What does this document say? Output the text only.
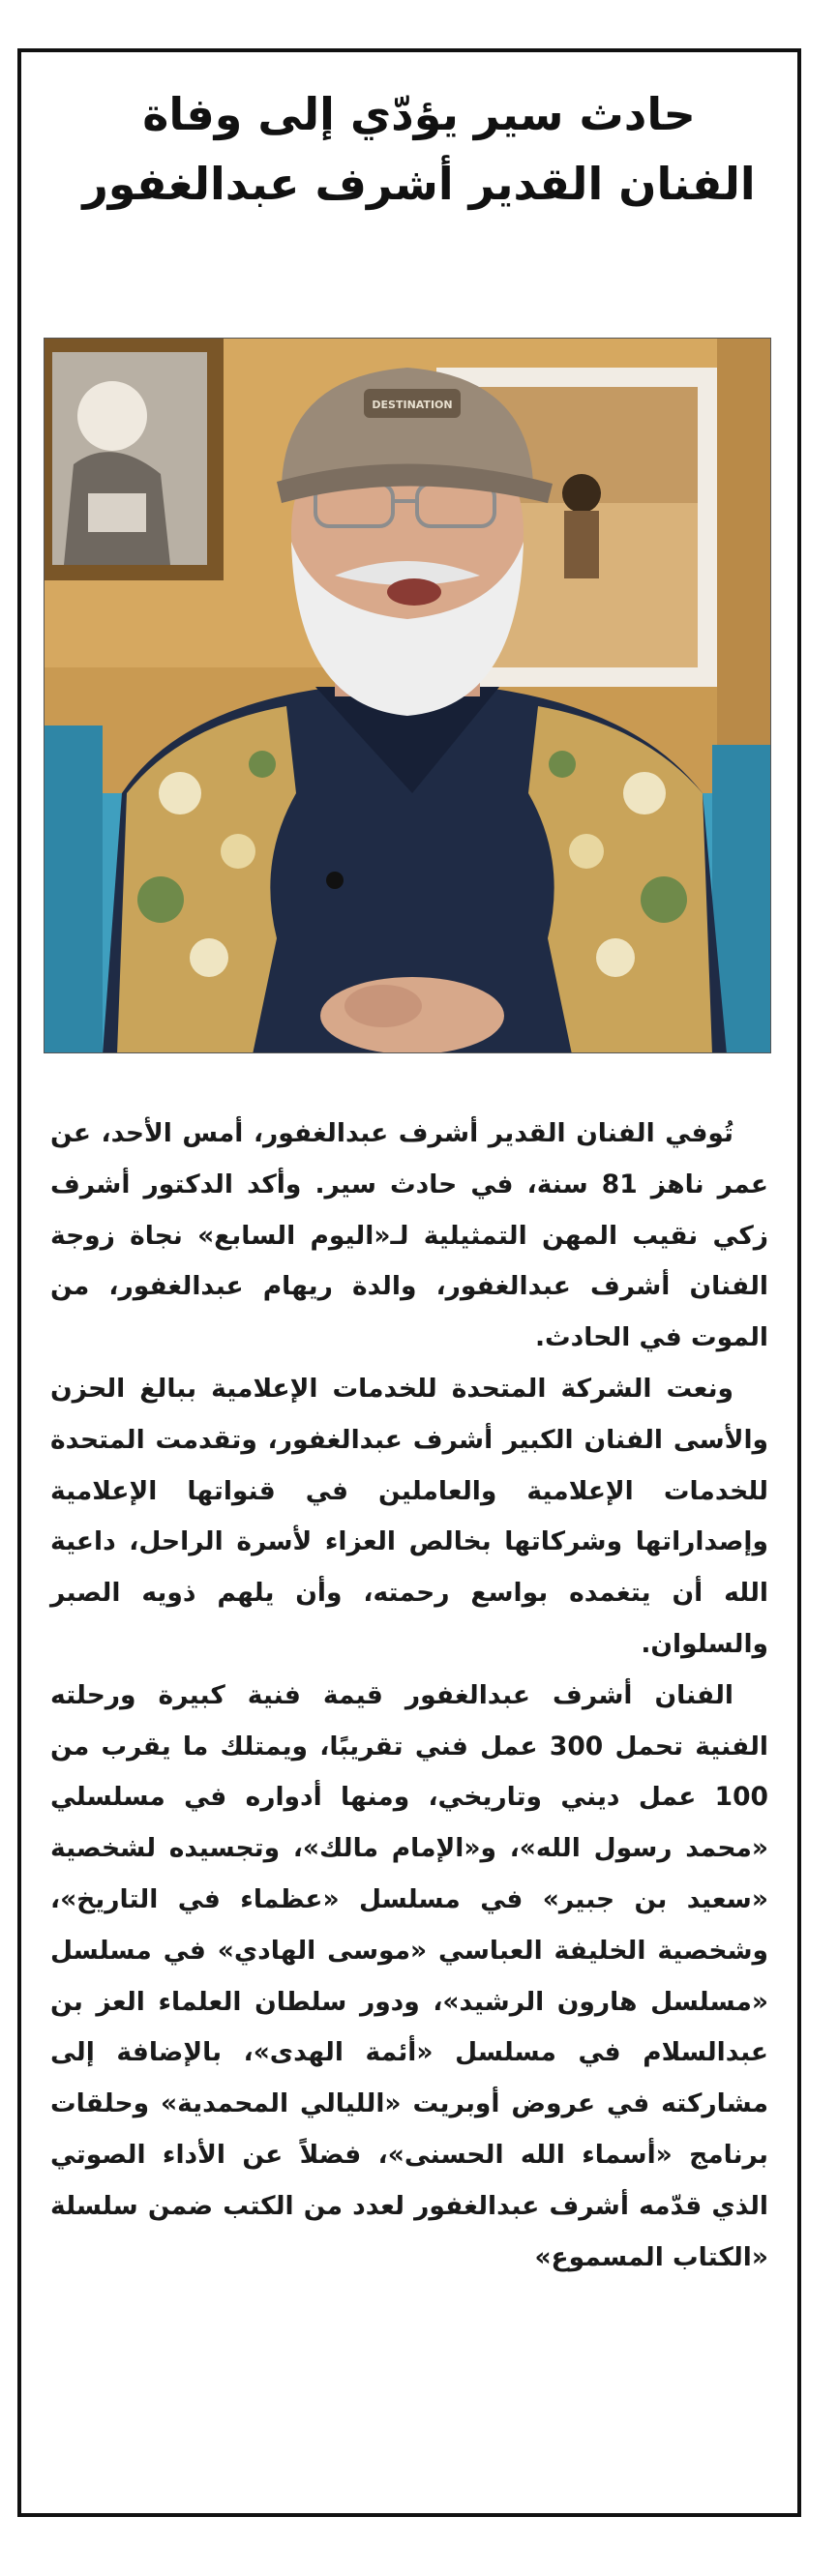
حادث سير يؤدّي إلى وفاة
الفنان القدير أشرف عبدالغفور
DESTINATION

تُوفي الفنان القدير أشرف عبدالغفور، أمس الأحد، عن عمر ناهز 81 سنة، في حادث سير. وأكد الدكتور أشرف زكي نقيب المهن التمثيلية لـ«اليوم السابع» نجاة زوجة الفنان أشرف عبدالغفور، والدة ريهام عبدالغفور، من الموت في الحادث.

ونعت الشركة المتحدة للخدمات الإعلامية ببالغ الحزن والأسى الفنان الكبير أشرف عبدالغفور، وتقدمت المتحدة للخدمات الإعلامية والعاملين في قنواتها الإعلامية وإصداراتها وشركاتها بخالص العزاء لأسرة الراحل، داعية الله أن يتغمده بواسع رحمته، وأن يلهم ذويه الصبر والسلوان.

الفنان أشرف عبدالغفور قيمة فنية كبيرة ورحلته الفنية تحمل 300 عمل فني تقريبًا، ويمتلك ما يقرب من 100 عمل ديني وتاريخي، ومنها أدواره في مسلسلي «محمد رسول الله»، و«الإمام مالك»، وتجسيده لشخصية «سعيد بن جبير» في مسلسل «عظماء في التاريخ»، وشخصية الخليفة العباسي «موسى الهادي» في مسلسل «مسلسل هارون الرشيد»، ودور سلطان العلماء العز بن عبدالسلام في مسلسل «أئمة الهدى»، بالإضافة إلى مشاركته في عروض أوبريت «الليالي المحمدية» وحلقات برنامج «أسماء الله الحسنى»، فضلاً عن الأداء الصوتي الذي قدّمه أشرف عبدالغفور لعدد من الكتب ضمن سلسلة «الكتاب المسموع»
